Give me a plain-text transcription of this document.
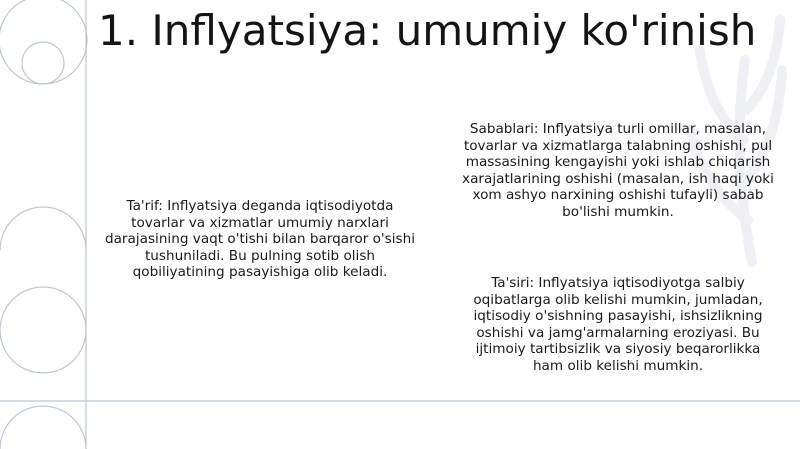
1. Inflyatsiya: umumiy ko'rinish

Ta'rif: Inflyatsiya deganda iqtisodiyotda tovarlar va xizmatlar umumiy narxlari darajasining vaqt o'tishi bilan barqaror o'sishi tushuniladi. Bu pulning sotib olish qobiliyatining pasayishiga olib keladi.

Sabablari: Inflyatsiya turli omillar, masalan, tovarlar va xizmatlarga talabning oshishi, pul massasining kengayishi yoki ishlab chiqarish xarajatlarining oshishi (masalan, ish haqi yoki xom ashyo narxining oshishi tufayli) sabab bo'lishi mumkin.

Ta'siri: Inflyatsiya iqtisodiyotga salbiy oqibatlarga olib kelishi mumkin, jumladan, iqtisodiy o'sishning pasayishi, ishsizlikning oshishi va jamg'armalarning eroziyasi. Bu ijtimoiy tartibsizlik va siyosiy beqarorlikka ham olib kelishi mumkin.
